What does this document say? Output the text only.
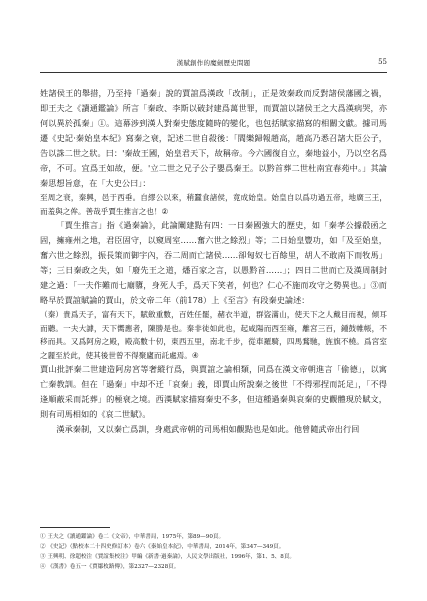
漢賦創作的魔劍歷史問題	55

姓諸侯王的舉措，乃至持「過秦」說的賈誼爲漢政「改制」，正是效秦政而反對諸侯藩國之禍，即王夫之《讀通鑑論》所言「秦政、李斯以破封建爲萬世罪，而賈誼以諸侯王之大爲漢病哭，亦何以異於孤秦」①。這幕涉到漢人對秦史態度隨時的變化，也包括賦家描寫的相關文獻。據司馬遷《史記·秦始皇本紀》寫秦之衰，記述二世自殺後：「閻樂歸報趙高，趙高乃悉召諸大臣公子，告以誅二世之狀。曰：'秦故王國，始皇君天下，故稱帝。今六國復自立，秦地益小，乃以空名爲帝，不可。宜爲王如故，便。'立二世之兄子公子嬰爲秦王。以黔首葬二世杜南宜春苑中。」其論秦思想旨意，在「大史公曰」：

至周之衰，秦興，邑于西垂。自繆公以來，稍蠶食諸侯，竟成始皇。始皇自以爲功過五帝，地廣三王，而羞與之侔。善哉乎賈生推言之也！②

「賈生推言」指《過秦論》，此論闡建點有四：一日秦國強大的歷史，如「秦孝公據殽函之固，擁雍州之地，君臣固守，以窺周室……奮六世之餘烈」等；二日始皇豐功，如「及至始皇，奮六世之餘烈，振長策而御宇內，吞二周而亡諸侯……卻匈奴七百餘里，胡人不敢南下而牧馬」等；三日秦政之失，如「廢先王之道，燔百家之言，以愚黔首……」；四日二世而亡及漢周制封建之過：「一夫作難而七廟隳，身死人手，爲天下笑者，何也？仁心不施而攻守之勢異也。」③而略早於賈誼賦論的賈山，於文帝二年（前178）上《至言》有段秦史論述：

（秦）貴爲天子，富有天下，賦斂重數，百姓任罷，赭衣半道，群盜滿山，使天下之人戴目而視，傾耳而聽。一夫大謼，天下嚮應者，陳勝是也。秦非徒如此也，起咸陽而西至雍，離宮三百，鍾鼓帷帳，不移而具。又爲阿房之殿，殿高數十仞，東西五里，南北千步，從車羅騎，四馬鶩馳，旌旗不橈。爲宮室之麗至於此，使其後世曾不得聚廬而託處焉。④

賈山批評秦二世建造阿房宮等奢縱行爲，與賈誼之論相類，同爲在漢文帝朝進言「偷德」，以寓亡秦教訓。但在「過秦」中却不迁「哀秦」義，即賈山所說秦之後世「不得邪捏而託足」，「不得逢順蔽采而託葬」的極衰之境。西漢賦家描寫秦史不多，但這種過秦與哀秦的史觀體現於賦文，則有司馬相如的《哀二世賦》。

漢承秦制，又以秦亡爲訓，身處武帝朝的司馬相如觀點也是如此。他曾隨武帝出行回

① 王夫之《讀通鑑論》卷二《文帝》，中華書局，1975年，第89—90頁。
② 《史記》（點校本二十四史修訂本）卷六《秦始皇本紀》，中華書局，2014年，第347—349頁。
③ 王興明、徐超校注《賈誼集校注》甲編《新書·過秦論》，人民文學出版社，1996年，第1、5、8頁。
④ 《漢書》卷五一《賈鄒枚路傳》，第2327—2328頁。
